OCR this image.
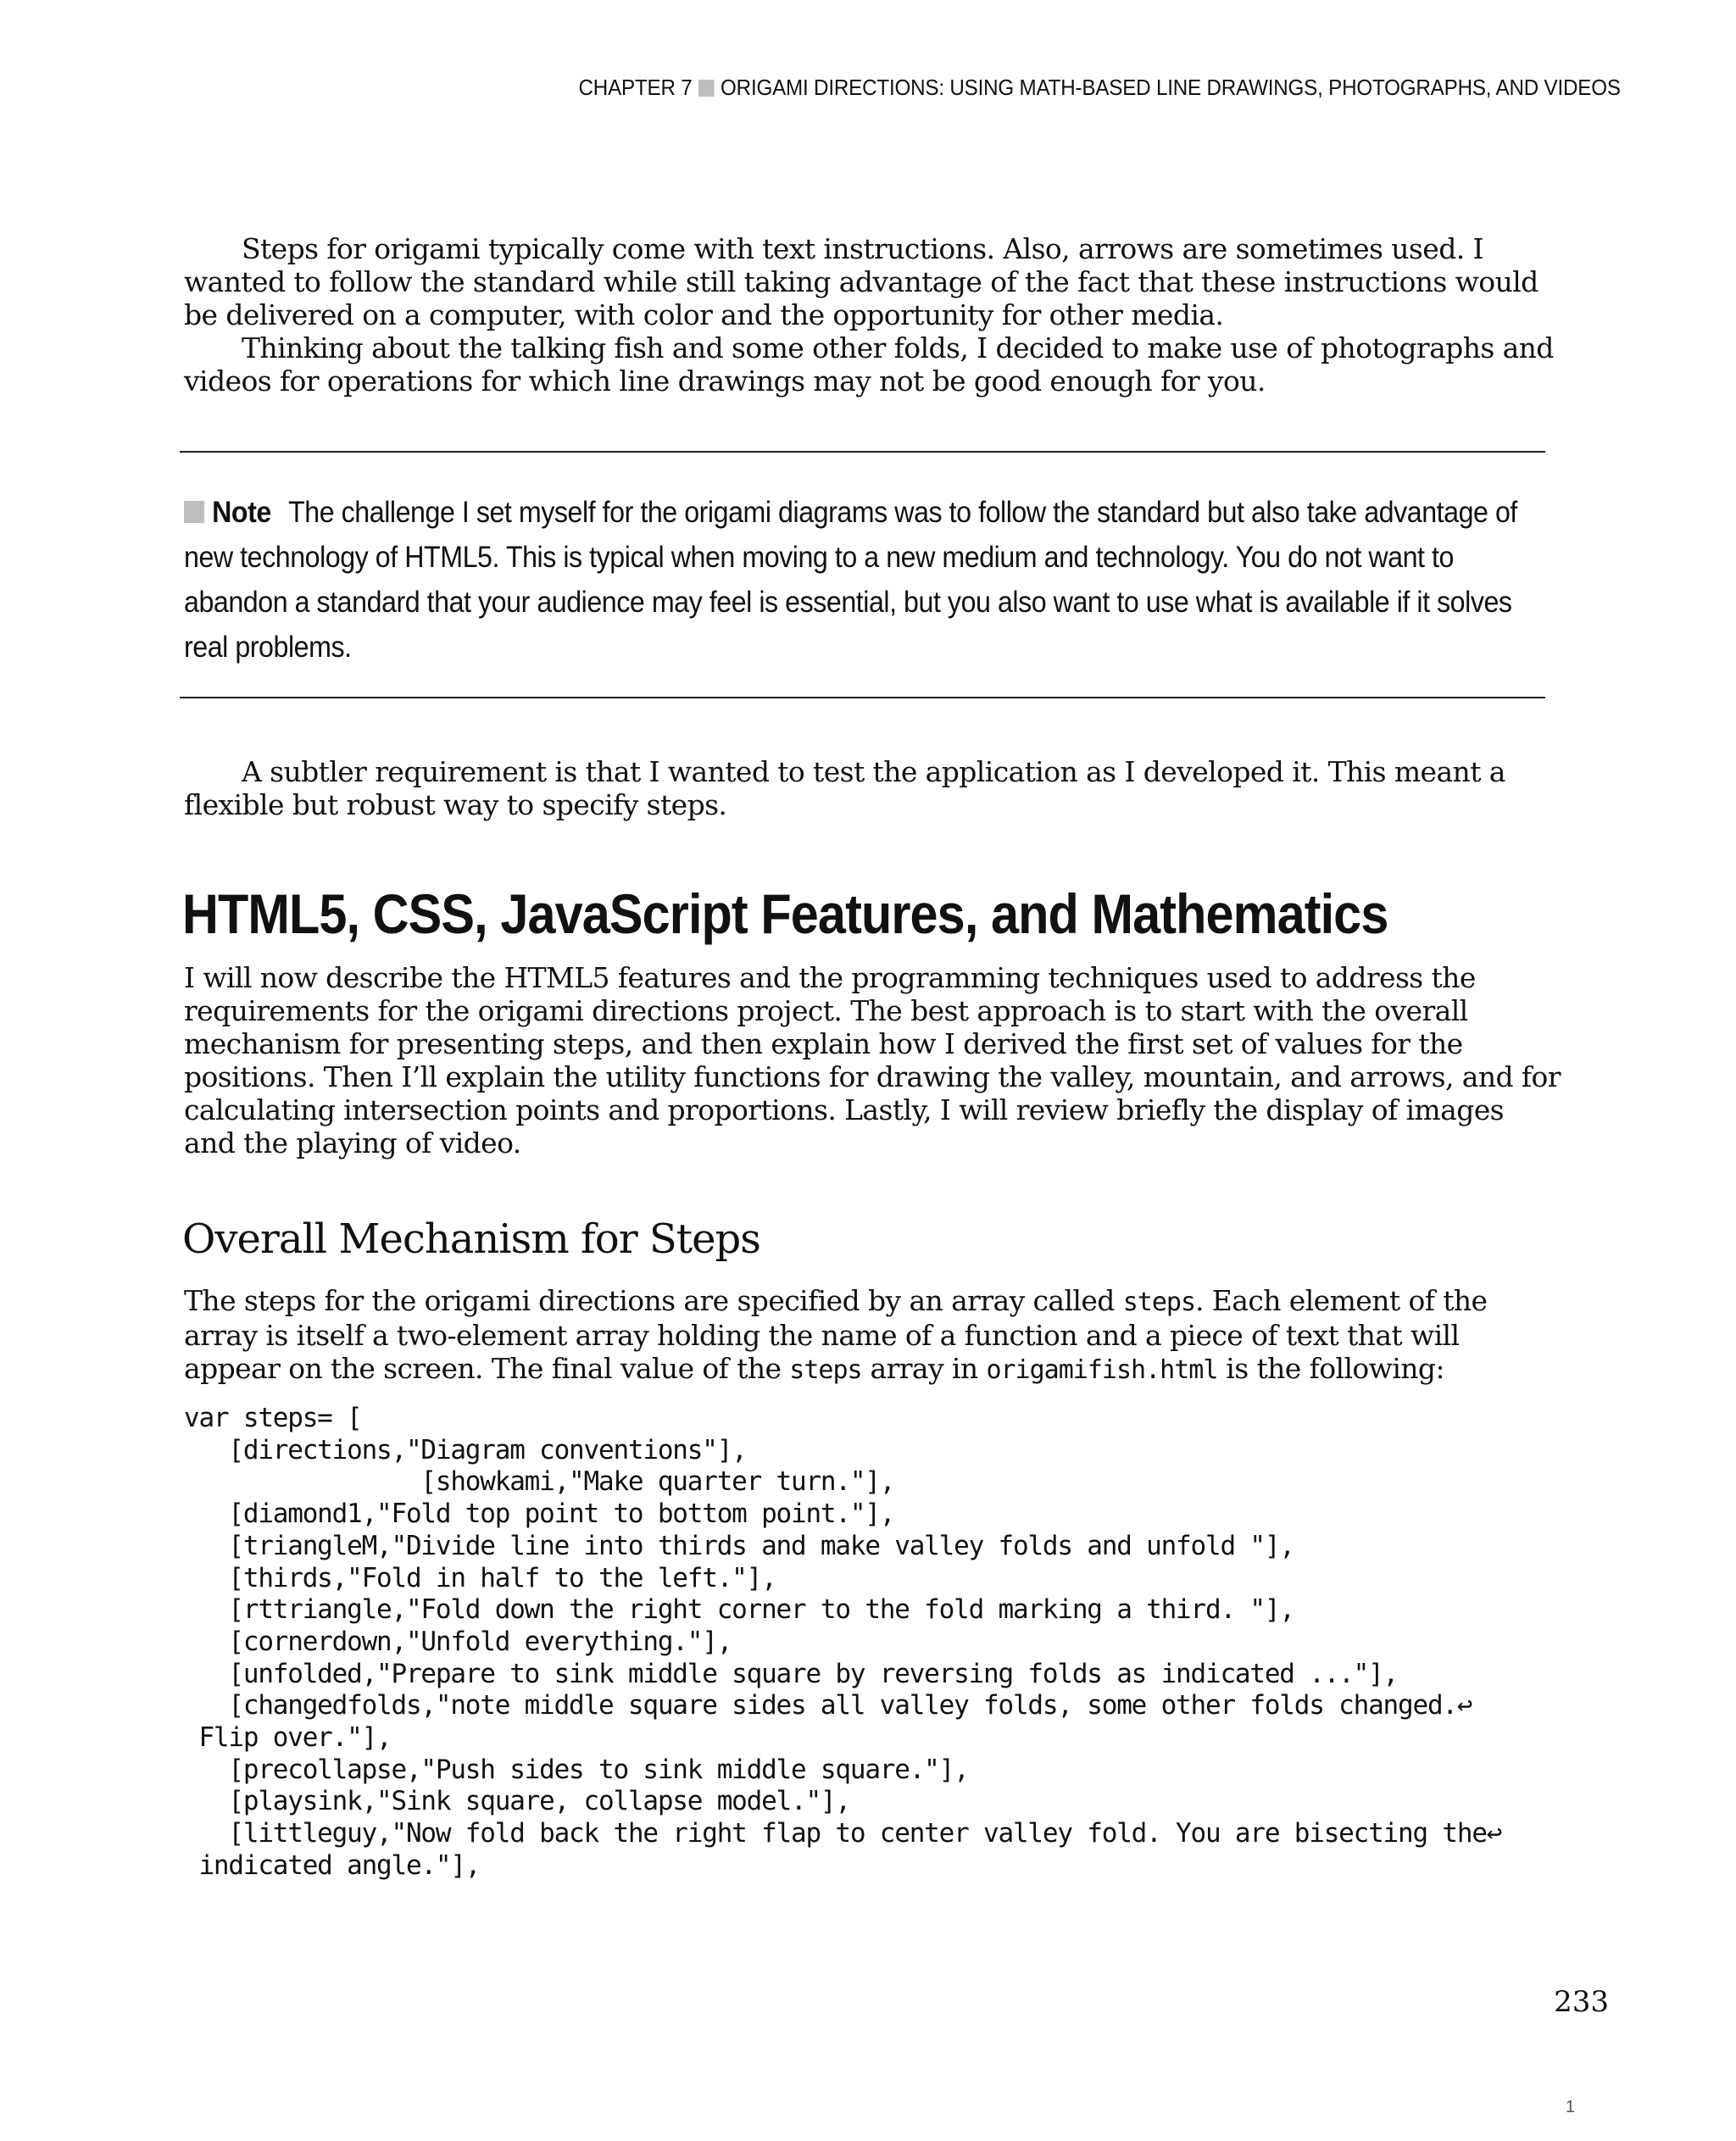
CHAPTER 7 ORIGAMI DIRECTIONS: USING MATH-BASED LINE DRAWINGS, PHOTOGRAPHS, AND VIDEOS

Steps for origami typically come with text instructions. Also, arrows are sometimes used. I wanted to follow the standard while still taking advantage of the fact that these instructions would be delivered on a computer, with color and the opportunity for other media.

Thinking about the talking fish and some other folds, I decided to make use of photographs and videos for operations for which line drawings may not be good enough for you.

Note The challenge I set myself for the origami diagrams was to follow the standard but also take advantage of new technology of HTML5. This is typical when moving to a new medium and technology. You do not want to abandon a standard that your audience may feel is essential, but you also want to use what is available if it solves real problems.

A subtler requirement is that I wanted to test the application as I developed it. This meant a flexible but robust way to specify steps.

HTML5, CSS, JavaScript Features, and Mathematics

I will now describe the HTML5 features and the programming techniques used to address the requirements for the origami directions project. The best approach is to start with the overall mechanism for presenting steps, and then explain how I derived the first set of values for the positions. Then I’ll explain the utility functions for drawing the valley, mountain, and arrows, and for calculating intersection points and proportions. Lastly, I will review briefly the display of images and the playing of video.

Overall Mechanism for Steps

The steps for the origami directions are specified by an array called steps. Each element of the array is itself a two-element array holding the name of a function and a piece of text that will appear on the screen. The final value of the steps array in origamifish.html is the following:

var steps= [
[directions,"Diagram conventions"],
[showkami,"Make quarter turn."],
[diamond1,"Fold top point to bottom point."],
[triangleM,"Divide line into thirds and make valley folds and unfold "],
[thirds,"Fold in half to the left."],
[rttriangle,"Fold down the right corner to the fold marking a third. "],
[cornerdown,"Unfold everything."],
[unfolded,"Prepare to sink middle square by reversing folds as indicated ..."],
[changedfolds,"note middle square sides all valley folds, some other folds changed.↩
Flip over."],
[precollapse,"Push sides to sink middle square."],
[playsink,"Sink square, collapse model."],
[littleguy,"Now fold back the right flap to center valley fold. You are bisecting the↩
indicated angle."],
233
1
